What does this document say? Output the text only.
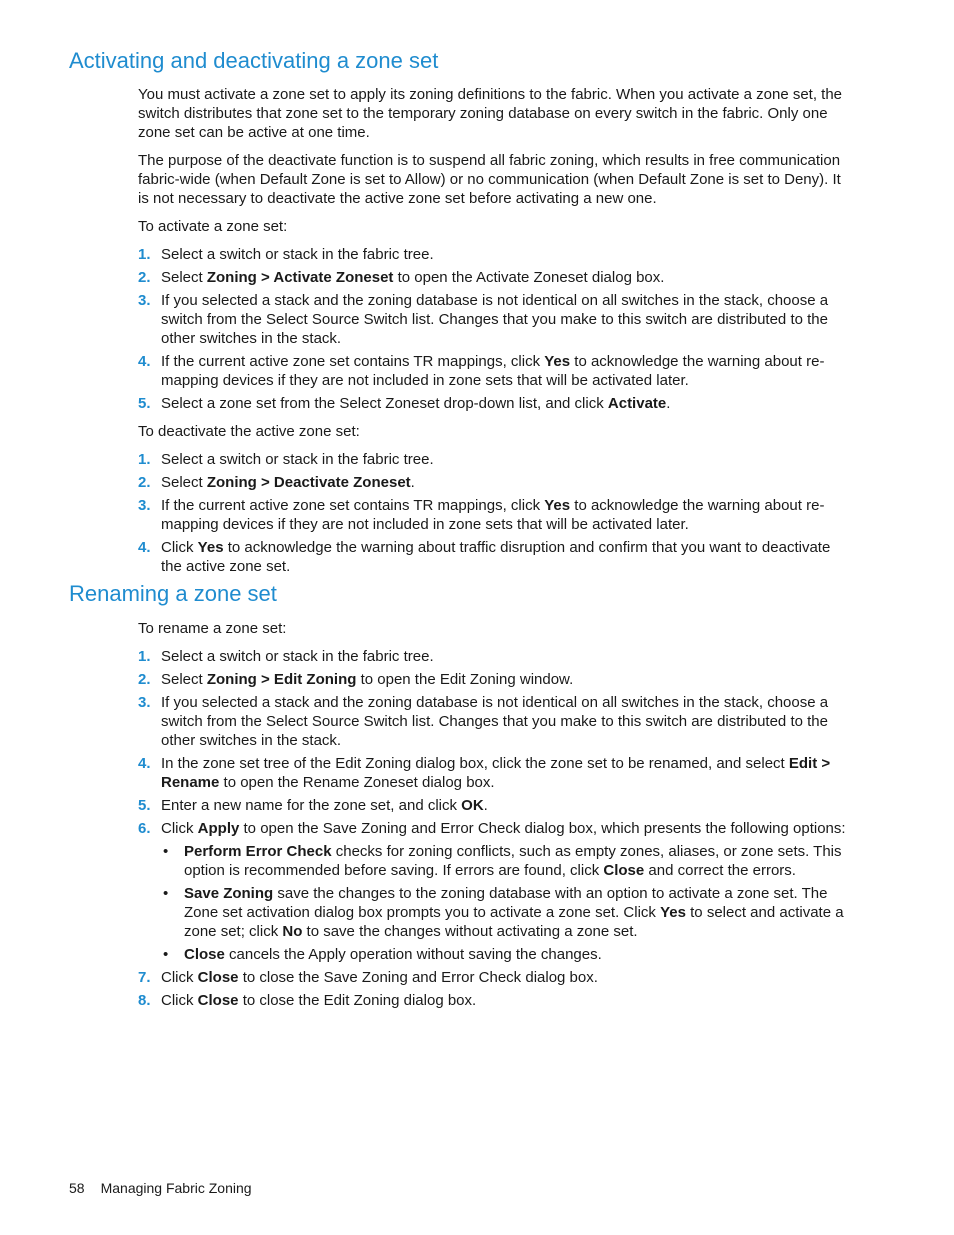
Activating and deactivating a zone set

You must activate a zone set to apply its zoning definitions to the fabric. When you activate a zone set, the switch distributes that zone set to the temporary zoning database on every switch in the fabric. Only one zone set can be active at one time.

The purpose of the deactivate function is to suspend all fabric zoning, which results in free communication fabric-wide (when Default Zone is set to Allow) or no communication (when Default Zone is set to Deny). It is not necessary to deactivate the active zone set before activating a new one.

To activate a zone set:

1. Select a switch or stack in the fabric tree.
2. Select Zoning > Activate Zoneset to open the Activate Zoneset dialog box.
3. If you selected a stack and the zoning database is not identical on all switches in the stack, choose a switch from the Select Source Switch list. Changes that you make to this switch are distributed to the other switches in the stack.
4. If the current active zone set contains TR mappings, click Yes to acknowledge the warning about re-mapping devices if they are not included in zone sets that will be activated later.
5. Select a zone set from the Select Zoneset drop-down list, and click Activate.

To deactivate the active zone set:

1. Select a switch or stack in the fabric tree.
2. Select Zoning > Deactivate Zoneset.
3. If the current active zone set contains TR mappings, click Yes to acknowledge the warning about re-mapping devices if they are not included in zone sets that will be activated later.
4. Click Yes to acknowledge the warning about traffic disruption and confirm that you want to deactivate the active zone set.
Renaming a zone set

To rename a zone set:

1. Select a switch or stack in the fabric tree.
2. Select Zoning > Edit Zoning to open the Edit Zoning window.
3. If you selected a stack and the zoning database is not identical on all switches in the stack, choose a switch from the Select Source Switch list. Changes that you make to this switch are distributed to the other switches in the stack.
4. In the zone set tree of the Edit Zoning dialog box, click the zone set to be renamed, and select Edit > Rename to open the Rename Zoneset dialog box.
5. Enter a new name for the zone set, and click OK.
6. Click Apply to open the Save Zoning and Error Check dialog box, which presents the following options:
• Perform Error Check checks for zoning conflicts, such as empty zones, aliases, or zone sets. This option is recommended before saving. If errors are found, click Close and correct the errors.
• Save Zoning save the changes to the zoning database with an option to activate a zone set. The Zone set activation dialog box prompts you to activate a zone set. Click Yes to select and activate a zone set; click No to save the changes without activating a zone set.
• Close cancels the Apply operation without saving the changes.
7. Click Close to close the Save Zoning and Error Check dialog box.
8. Click Close to close the Edit Zoning dialog box.
58 Managing Fabric Zoning
